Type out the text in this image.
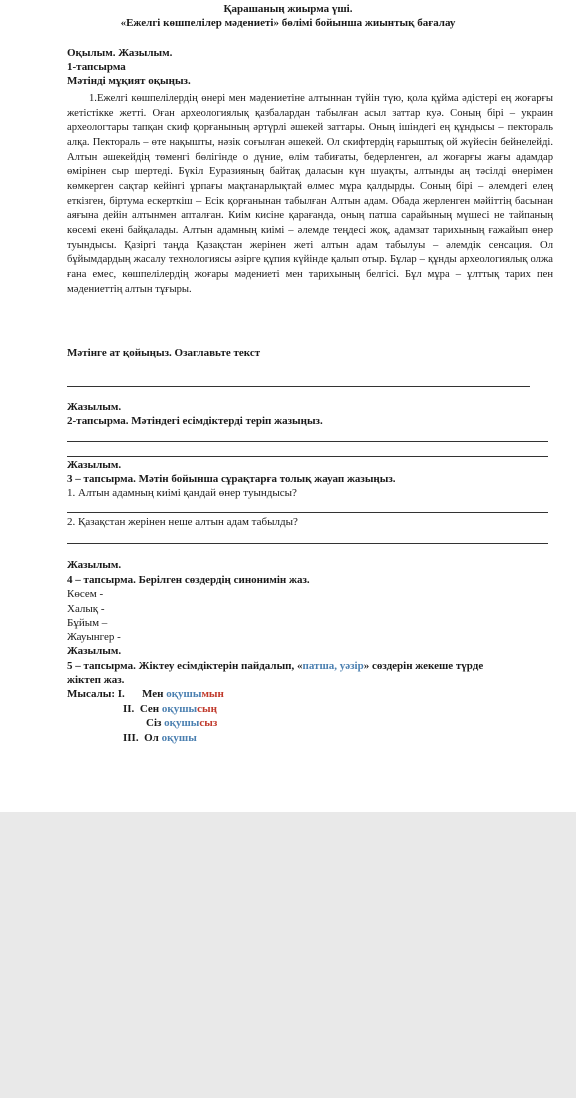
Қарашаның жиырма үші.
«Ежелгі көшпелілер мәдениеті» бөлімі бойынша жиынтық бағалау
Оқылым. Жазылым.
1-тапсырма
Мәтінді мұқият оқыңыз.
1.Ежелгі көшпелілердің өнері мен мәдениетіне алтыннан түйін түю, қола құйма әдістері ең жоғарғы жетістікке жетті. Оған археологиялық қазбалардан табылған асыл заттар куә. Соның бірі – украин археологтары тапқан скиф қорғанының әртүрлі әшекей заттары. Оның ішіндегі ең құндысы – пектораль алқа. Пектораль – өте нақышты, нәзік соғылған әшекей. Ол скифтердің ғарыштық ой жүйесін бейнелейді. Алтын әшекейдің төменгі бөлігінде о дүние, өлім табиғаты, бедерленген, ал жоғарғы жағы адамдар өмірінен сыр шертеді. Бүкіл Еуразияның байтақ даласын күн шуақты, алтынды аң тәсілді өнерімен көмкерген сақтар кейінгі ұрпағы мақтанарлықтай өлмес мұра қалдырды. Соның бірі – әлемдегі елең еткізген, біртума ескерткіш – Есік қорғанынан табылған Алтын адам. Обада жерленген мәйіттің басынан аяғына дейін алтынмен апталған. Киім кисіне қарағанда, оның патша сарайының мүшесі не тайпаның көсемі екені байқалады. Алтын адамның киімі – әлемде теңдесі жоқ, адамзат тарихының ғажайып өнер туындысы. Қазіргі таңда Қазақстан жерінен жеті алтын адам табылуы – әлемдік сенсация. Ол бұйымдардың жасалу технологиясы әзірге құпия күйінде қалып отыр. Бұлар – құнды археологиялық олжа ғана емес, көшпелілердің жоғары мәдениеті мен тарихының белгісі. Бұл мұра – ұлттық тарих пен мәдениеттің алтын тұғыры.
Мәтінге ат қойыңыз. Озаглавьте текст
Жазылым.
2-тапсырма. Мәтіндегі есімдіктерді теріп жазыңыз.
Жазылым.
3 – тапсырма. Мәтін бойынша сұрақтарға толық жауап жазыңыз.
1. Алтын адамның киімі қандай өнер туындысы?
2. Қазақстан жерінен неше алтын адам табылды?
Жазылым.
4 – тапсырма. Берілген сөздердің синонимін жаз.
Көсем -
Халық -
Бұйым –
Жауынгер -
Жазылым.
5 – тапсырма. Жіктеу есімдіктерін пайдалып, «патша, уәзір» сөздерін жекеше түрде
жіктеп жаз.
Мысалы: І. Мен оқушымын
ІІ. Сен оқушысың
Сіз оқушысыз
ІІІ. Ол оқушы
